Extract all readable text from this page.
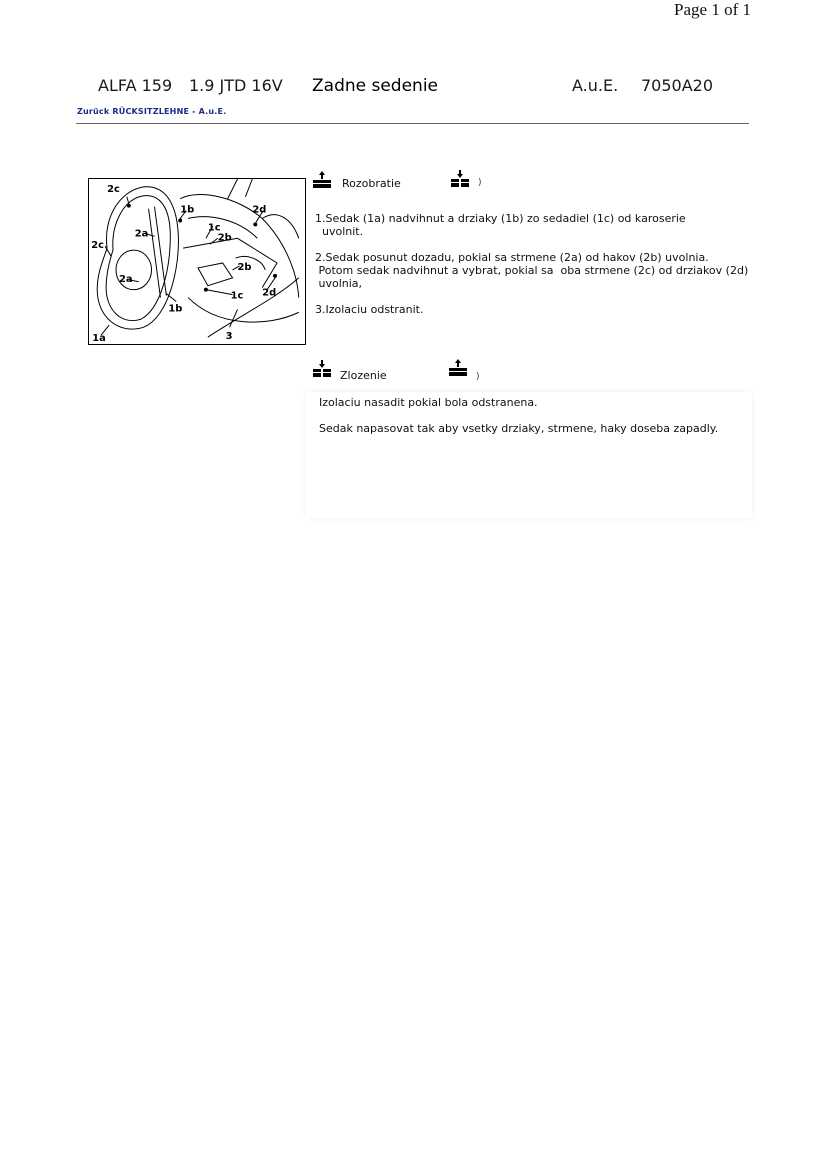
Page 1 of 1
ALFA 159 1.9 JTD 16V Zadne sedenie	A.u.E. 7050A20
Zurück RÜCKSITZLEHNE - A.u.E.
2c
1b	2d
2a
1c
2b
2c
2a
2b
2d
1c
1b
3
1a
Rozobratie	)

1.Sedak (1a) nadvihnut a drziaky (1b) zo sedadiel (1c) od karoserie

uvolnit.

2.Sedak posunut dozadu, pokial sa strmene (2a) od hakov (2b) uvolnia.

Potom sedak nadvihnut a vybrat, pokial sa  oba strmene (2c) od drziakov (2d)

uvolnia,

3.Izolaciu odstranit.

Zlozenie	)

Izolaciu nasadit pokial bola odstranena.

Sedak napasovat tak aby vsetky drziaky, strmene, haky doseba zapadly.
